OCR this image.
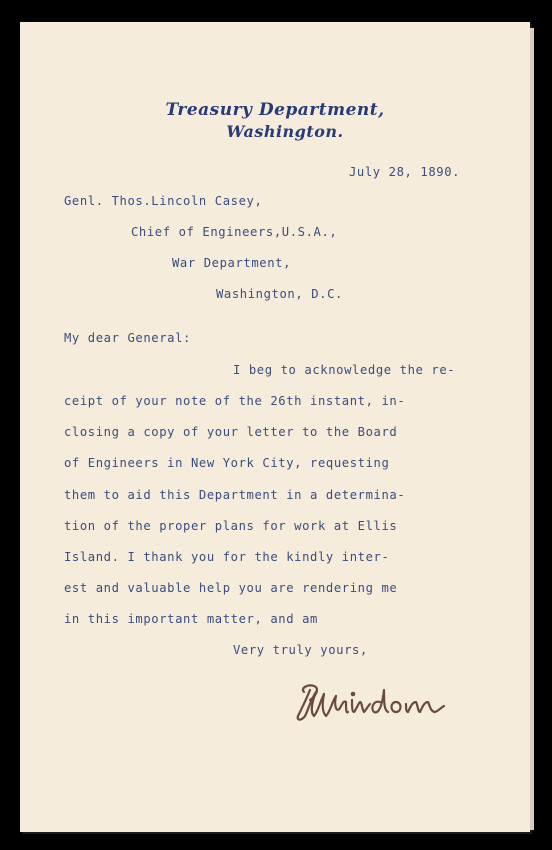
Treasury Department,
Washington.
July 28, 1890.
Genl. Thos.Lincoln Casey,
Chief of Engineers,U.S.A.,
War Department,
Washington, D.C.
My dear General:
I beg to acknowledge the re-
ceipt of your note of the 26th instant, in-
closing a copy of your letter to the Board
of Engineers in New York City, requesting
them to aid this Department in a determina-
tion of the proper plans for work at Ellis
Island. I thank you for the kindly inter-
est and valuable help you are rendering me
in this important matter, and am
Very truly yours,
